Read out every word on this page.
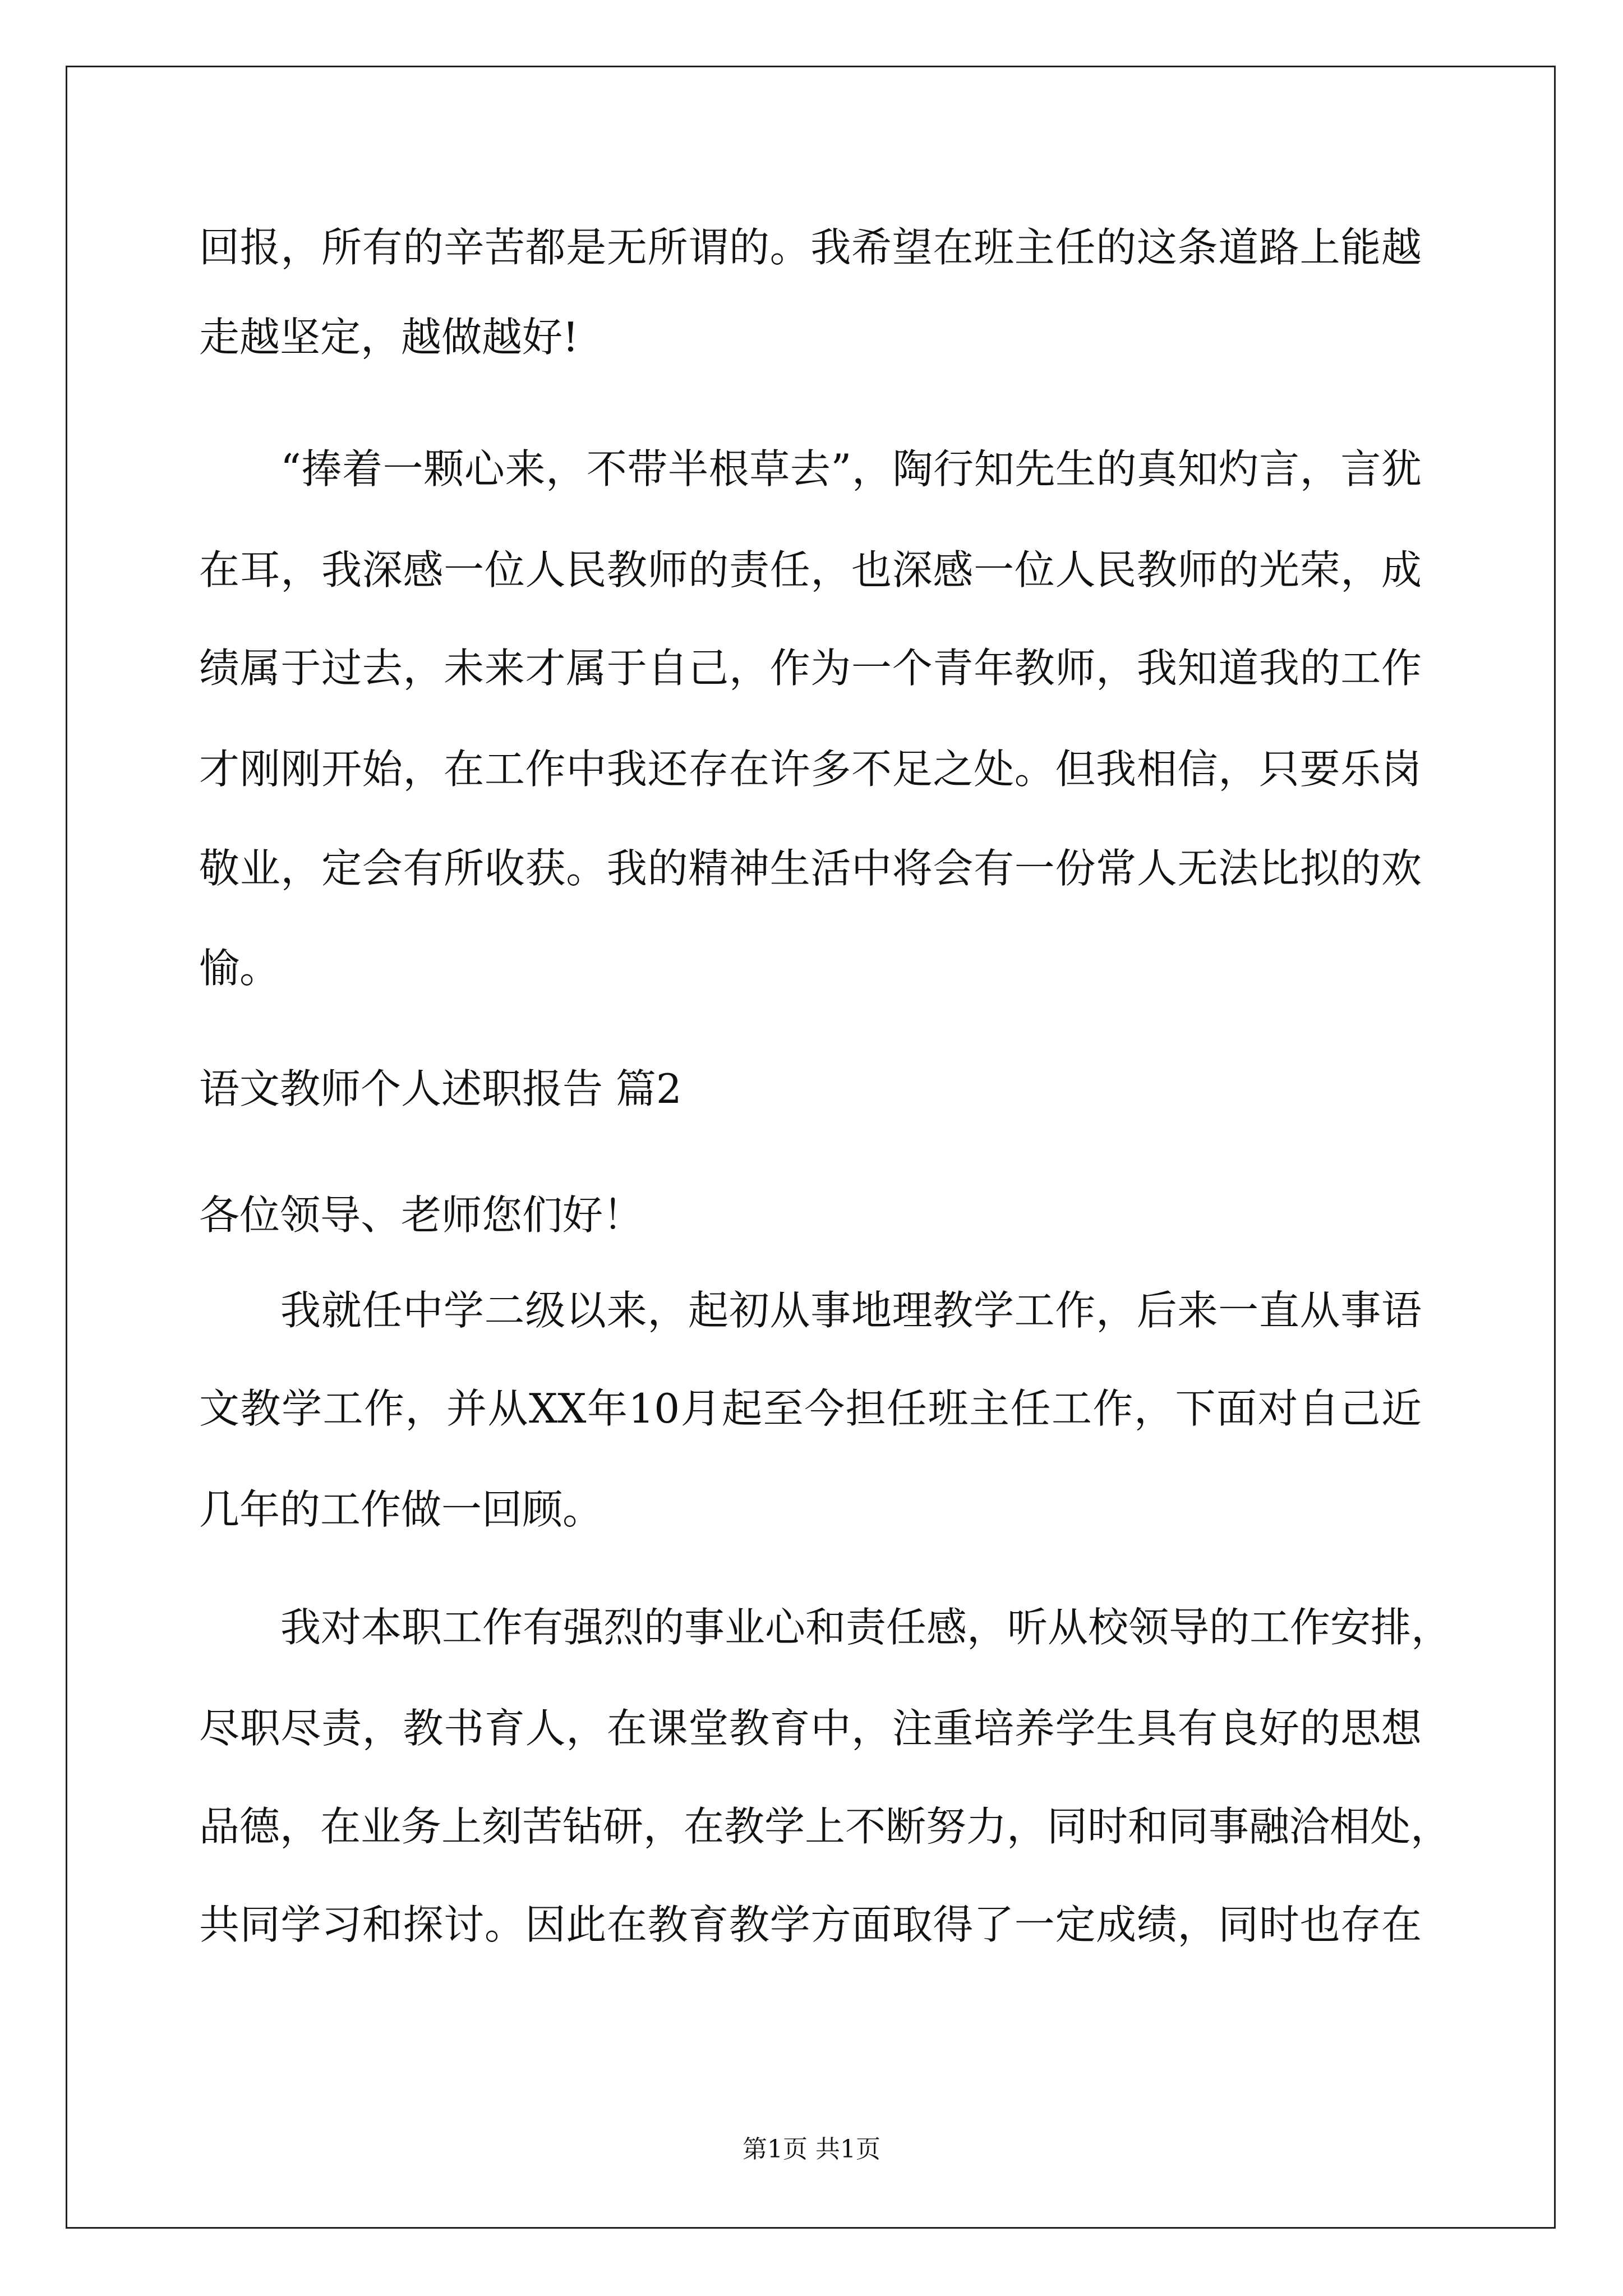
回报，所有的辛苦都是无所谓的。我希望在班主任的这条道路上能越
走越坚定，越做越好!
“捧着一颗心来，不带半根草去”，陶行知先生的真知灼言，言犹
在耳，我深感一位人民教师的责任，也深感一位人民教师的光荣，成
绩属于过去，未来才属于自己，作为一个青年教师，我知道我的工作
才刚刚开始，在工作中我还存在许多不足之处。但我相信，只要乐岗
敬业，定会有所收获。我的精神生活中将会有一份常人无法比拟的欢
愉。
语文教师个人述职报告 篇2
各位领导、老师您们好！
我就任中学二级以来，起初从事地理教学工作，后来一直从事语
文教学工作，并从XX年10月起至今担任班主任工作，下面对自己近
几年的工作做一回顾。
我对本职工作有强烈的事业心和责任感，听从校领导的工作安排，
尽职尽责，教书育人，在课堂教育中，注重培养学生具有良好的思想
品德，在业务上刻苦钻研，在教学上不断努力，同时和同事融洽相处，
共同学习和探讨。因此在教育教学方面取得了一定成绩，同时也存在
第1页 共1页
